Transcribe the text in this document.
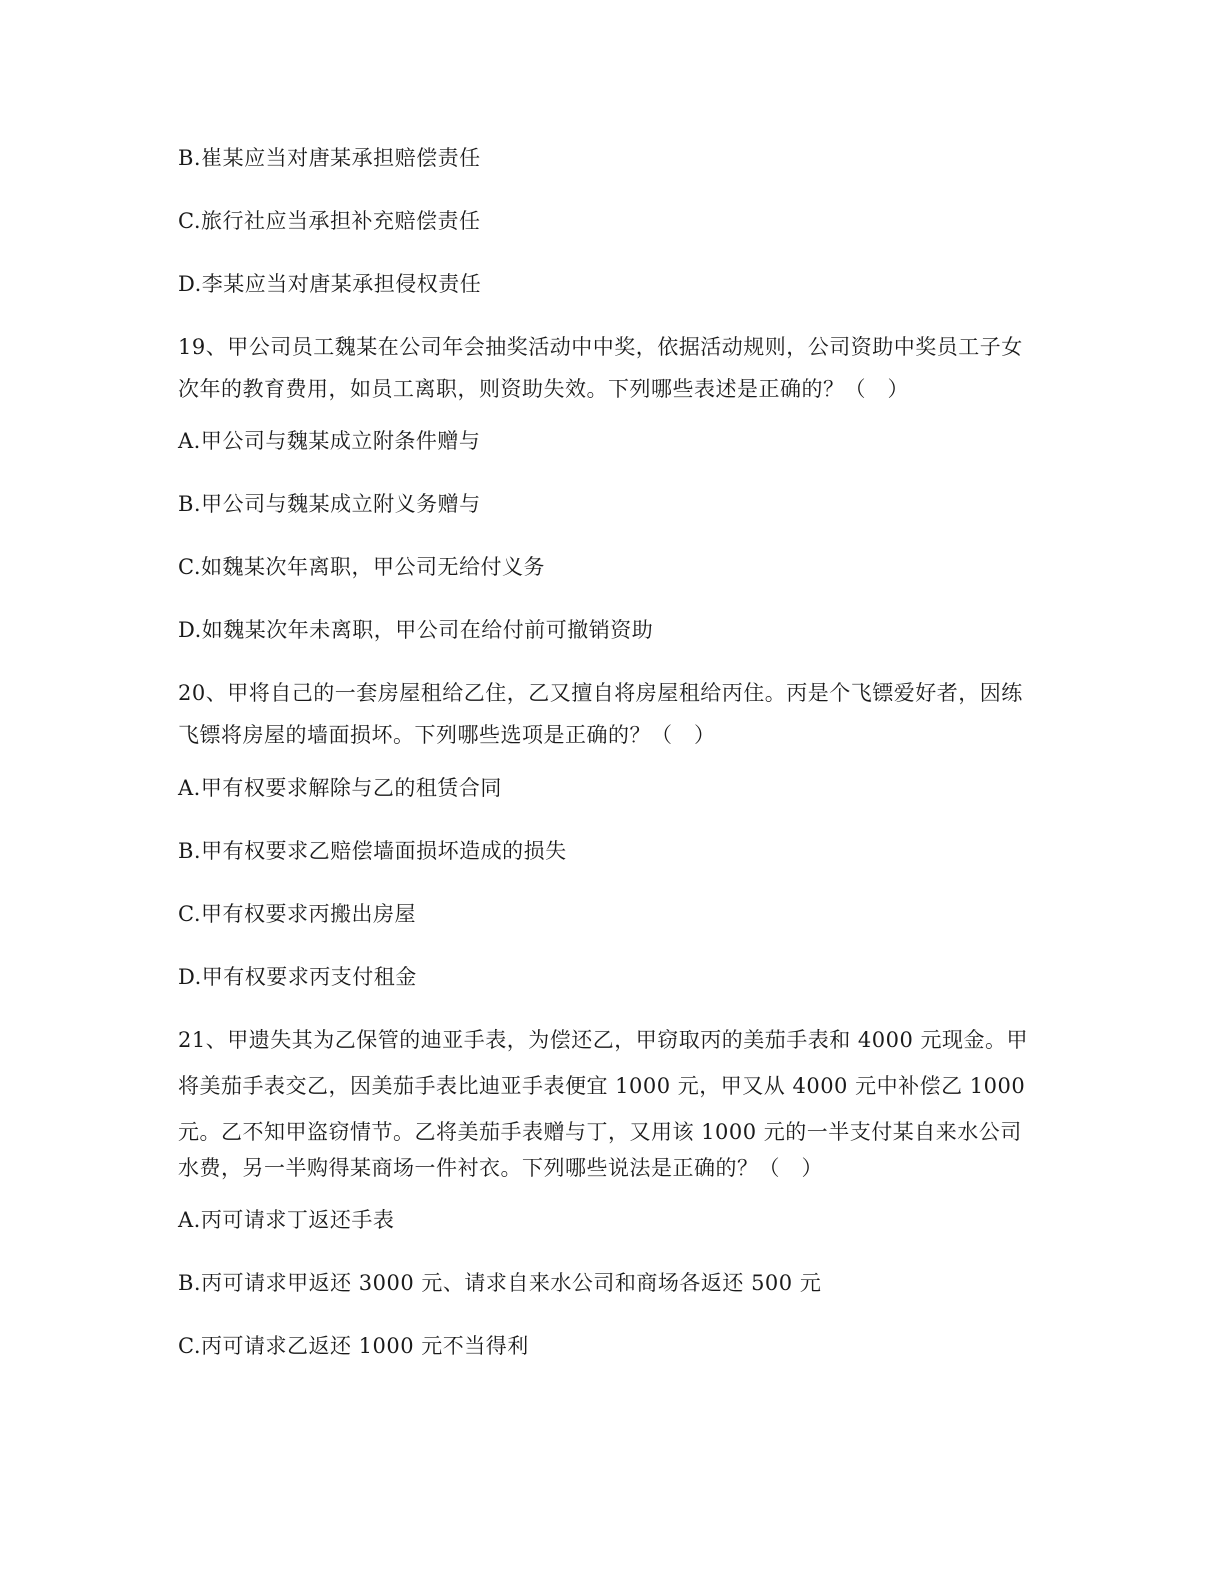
B.崔某应当对唐某承担赔偿责任
C.旅行社应当承担补充赔偿责任
D.李某应当对唐某承担侵权责任
19、甲公司员工魏某在公司年会抽奖活动中中奖，依据活动规则，公司资助中奖员工子女
次年的教育费用，如员工离职，则资助失效。下列哪些表述是正确的？（　）
A.甲公司与魏某成立附条件赠与
B.甲公司与魏某成立附义务赠与
C.如魏某次年离职，甲公司无给付义务
D.如魏某次年未离职，甲公司在给付前可撤销资助
20、甲将自己的一套房屋租给乙住，乙又擅自将房屋租给丙住。丙是个飞镖爱好者，因练
飞镖将房屋的墙面损坏。下列哪些选项是正确的？（　）
A.甲有权要求解除与乙的租赁合同
B.甲有权要求乙赔偿墙面损坏造成的损失
C.甲有权要求丙搬出房屋
D.甲有权要求丙支付租金
21、甲遗失其为乙保管的迪亚手表，为偿还乙，甲窃取丙的美茄手表和 4000 元现金。甲
将美茄手表交乙，因美茄手表比迪亚手表便宜 1000 元，甲又从 4000 元中补偿乙 1000
元。乙不知甲盗窃情节。乙将美茄手表赠与丁，又用该 1000 元的一半支付某自来水公司
水费，另一半购得某商场一件衬衣。下列哪些说法是正确的？（　）
A.丙可请求丁返还手表
B.丙可请求甲返还 3000 元、请求自来水公司和商场各返还 500 元
C.丙可请求乙返还 1000 元不当得利
